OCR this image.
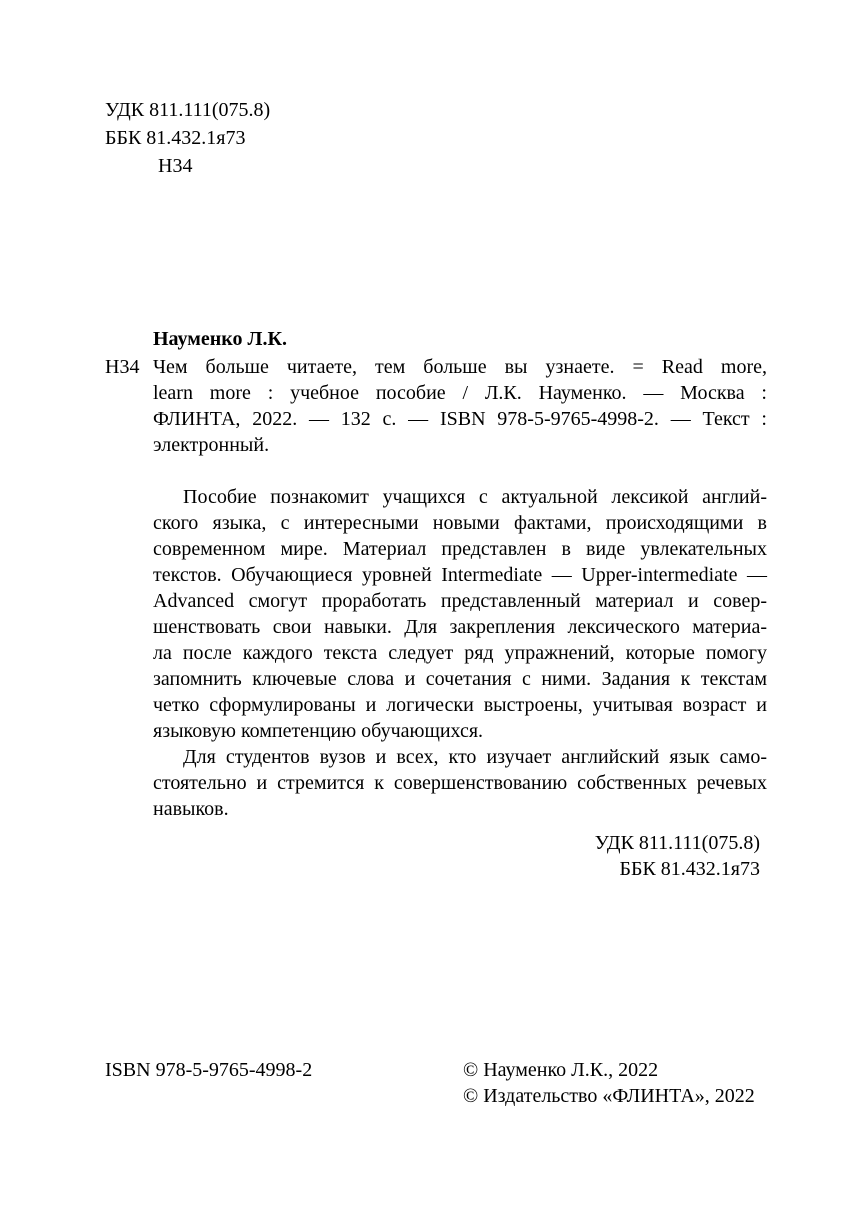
УДК 811.111(075.8)
ББК 81.432.1я73
Н34
Науменко Л.К.
Н34 Чем больше читаете, тем больше вы узнаете. = Read more,
learn more : учебное пособие / Л.К. Науменко. — Москва :
ФЛИНТА, 2022. — 132 с. — ISBN 978-5-9765-4998-2. — Текст :
электронный.
Пособие познакомит учащихся с актуальной лексикой англий-
ского языка, с интересными новыми фактами, происходящими в
современном мире. Материал представлен в виде увлекательных
текстов. Обучающиеся уровней Intermediate — Upper-intermediate —
Advanced смогут проработать представленный материал и совер-
шенствовать свои навыки. Для закрепления лексического материа-
ла после каждого текста следует ряд упражнений, которые помогу
запомнить ключевые слова и сочетания с ними. Задания к текстам
четко сформулированы и логически выстроены, учитывая возраст и
языковую компетенцию обучающихся.
Для студентов вузов и всех, кто изучает английский язык само-
стоятельно и стремится к совершенствованию собственных речевых
навыков.
УДК 811.111(075.8)
ББК 81.432.1я73
ISBN 978-5-9765-4998-2	© Науменко Л.К., 2022
© Издательство «ФЛИНТА», 2022
